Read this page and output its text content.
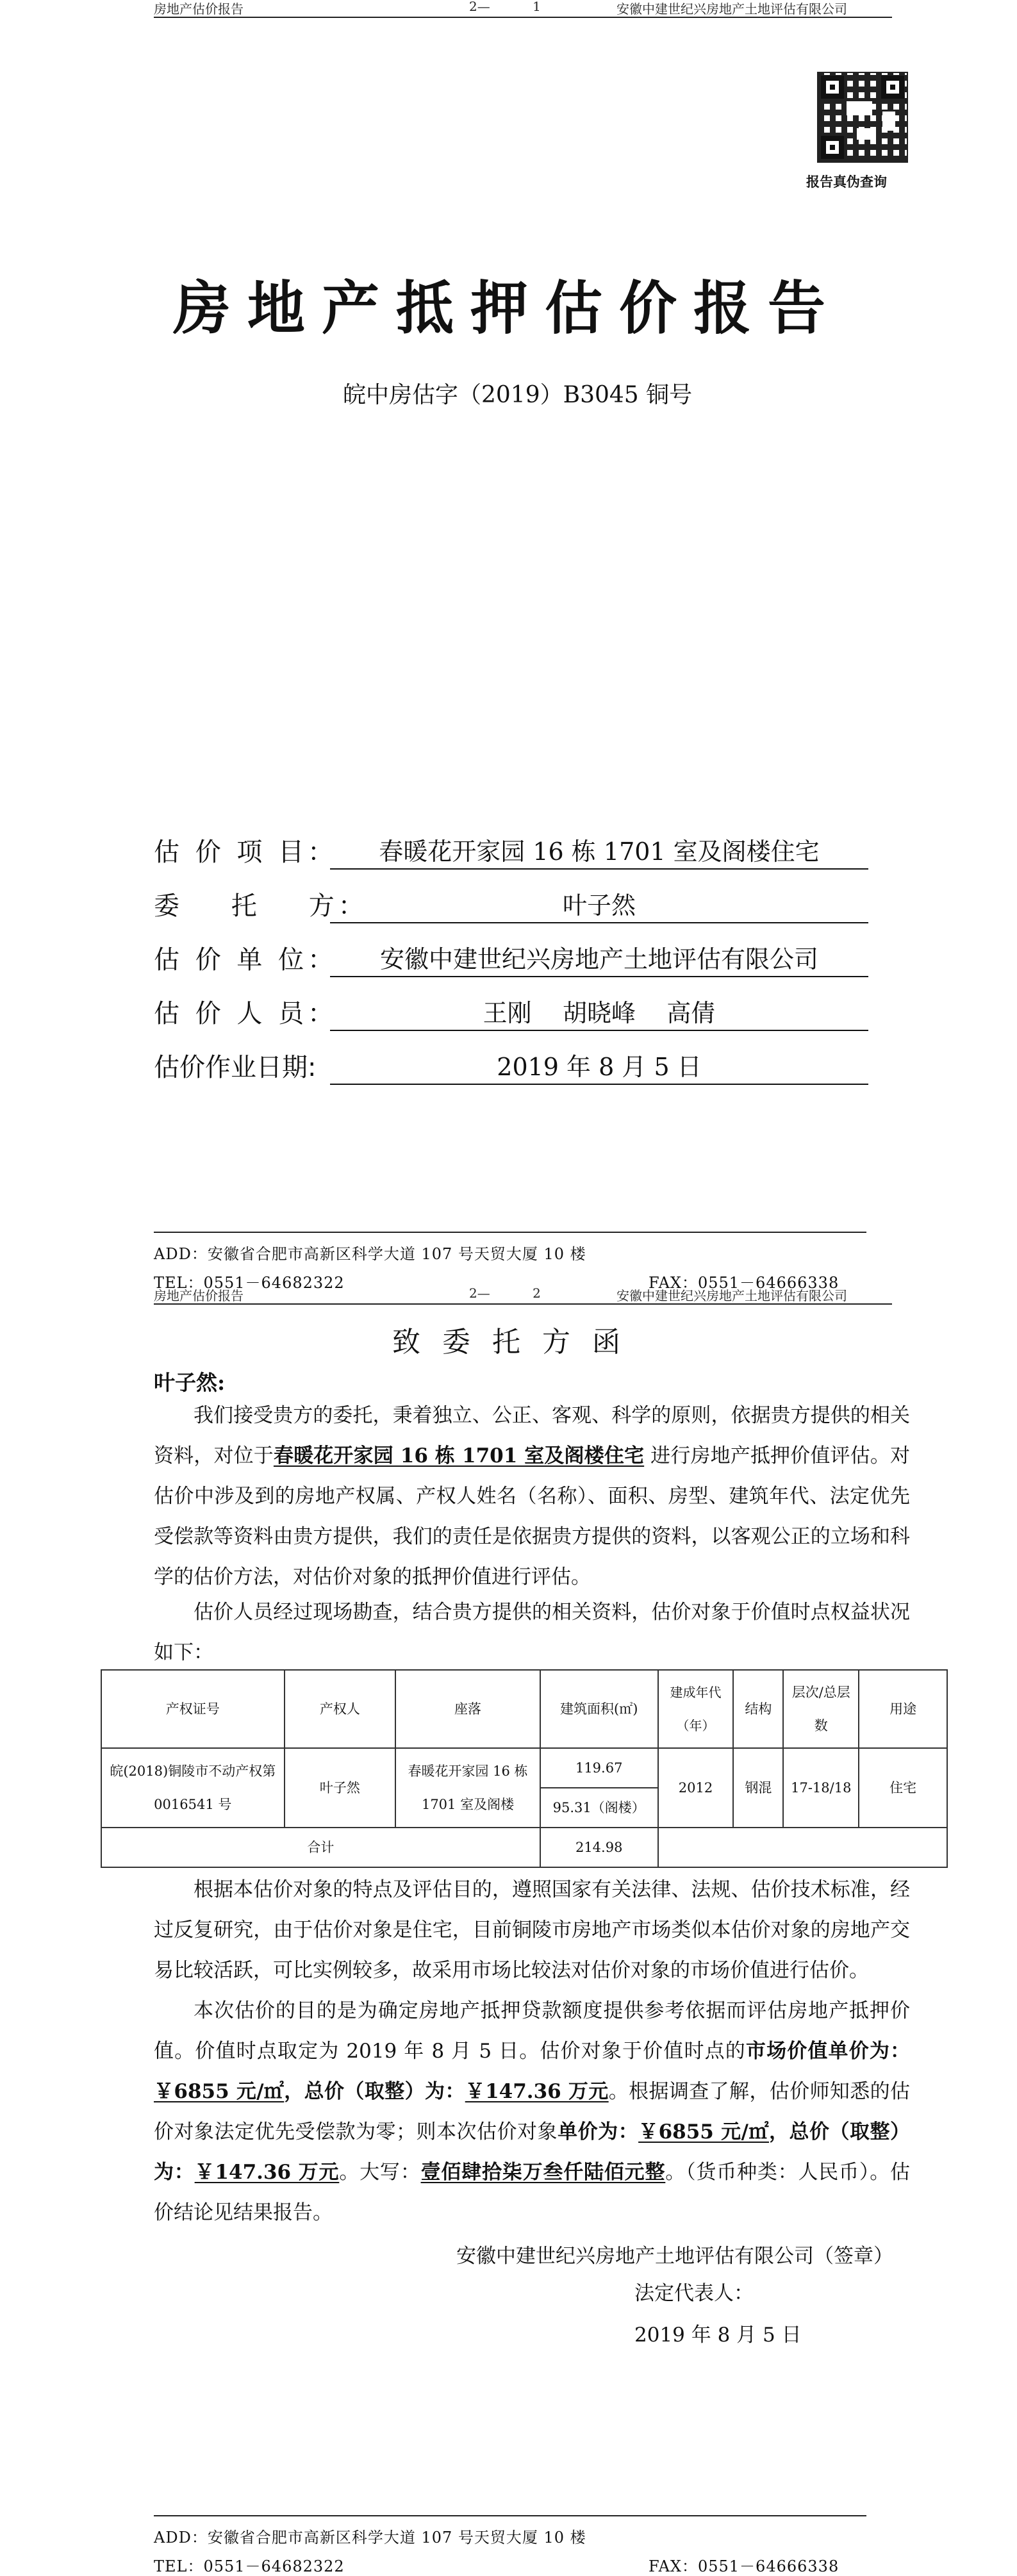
房地产估价报告	2— 1	安徽中建世纪兴房地产土地评估有限公司
报告真伪查询
房地产抵押估价报告
皖中房估字（2019）B3045 铜号
估 价 项 目：	春暖花开家园 16 栋 1701 室及阁楼住宅
委    托    方：	叶子然
估 价 单 位：	安徽中建世纪兴房地产土地评估有限公司
估 价 人 员：	王刚    胡晓峰    高倩
估价作业日期:	2019 年 8 月 5 日
ADD：安徽省合肥市高新区科学大道 107 号天贸大厦 10 楼
TEL：0551－64682322	FAX：0551－64666338
房地产估价报告	2— 2	安徽中建世纪兴房地产土地评估有限公司
致委托方函
叶子然:
我们接受贵方的委托，秉着独立、公正、客观、科学的原则，依据贵方提供的相关资料，对位于春暖花开家园 16 栋 1701 室及阁楼住宅 进行房地产抵押价值评估。对估价中涉及到的房地产权属、产权人姓名（名称）、面积、房型、建筑年代、法定优先受偿款等资料由贵方提供，我们的责任是依据贵方提供的资料，以客观公正的立场和科学的估价方法，对估价对象的抵押价值进行评估。
估价人员经过现场勘查，结合贵方提供的相关资料，估价对象于价值时点权益状况如下：
产权证号	产权人	座落	建筑面积(㎡)	建成年代（年）	结构	层次/总层数	用途
皖(2018)铜陵市不动产权第 0016541 号	叶子然	春暖花开家园 16 栋 1701 室及阁楼	119.67	2012	钢混	17-18/18	住宅
			95.31（阁楼）				
合计			214.98				
根据本估价对象的特点及评估目的，遵照国家有关法律、法规、估价技术标准，经过反复研究，由于估价对象是住宅，目前铜陵市房地产市场类似本估价对象的房地产交易比较活跃，可比实例较多，故采用市场比较法对估价对象的市场价值进行估价。
本次估价的目的是为确定房地产抵押贷款额度提供参考依据而评估房地产抵押价值。价值时点取定为 2019 年 8 月 5 日。估价对象于价值时点的市场价值单价为：￥6855 元/㎡，总价（取整）为：￥147.36 万元。根据调查了解，估价师知悉的估价对象法定优先受偿款为零；则本次估价对象单价为：￥6855 元/㎡，总价（取整）为：￥147.36 万元。大写：壹佰肆拾柒万叁仟陆佰元整。（货币种类：人民币）。估价结论见结果报告。
安徽中建世纪兴房地产土地评估有限公司（签章）
法定代表人：
2019 年 8 月 5 日
ADD：安徽省合肥市高新区科学大道 107 号天贸大厦 10 楼
TEL：0551－64682322	FAX：0551－64666338
